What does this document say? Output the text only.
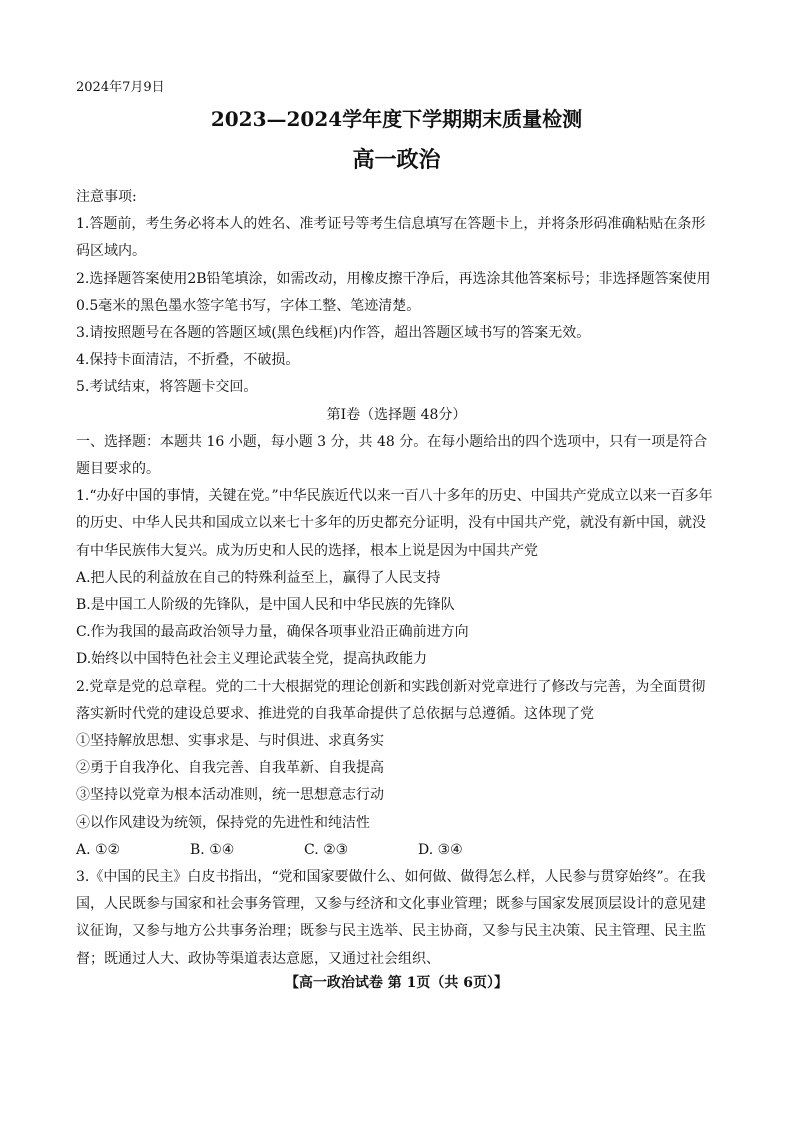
2024年7月9日
2023—2024学年度下学期期末质量检测
高一政治

注意事项:

1.答题前，考生务必将本人的姓名、准考证号等考生信息填写在答题卡上，并将条形码准确粘贴在条形码区域内。

2.选择题答案使用2B铅笔填涂，如需改动，用橡皮擦干净后，再选涂其他答案标号；非选择题答案使用0.5毫米的黑色墨水签字笔书写，字体工整、笔迹清楚。

3.请按照题号在各题的答题区域(黑色线框)内作答，超出答题区域书写的答案无效。

4.保持卡面清洁，不折叠，不破损。

5.考试结束，将答题卡交回。

第Ⅰ卷（选择题 48分）

一、选择题：本题共 16 小题，每小题 3 分，共 48 分。在每小题给出的四个选项中，只有一项是符合题目要求的。

1.“办好中国的事情，关键在党。”中华民族近代以来一百八十多年的历史、中国共产党成立以来一百多年的历史、中华人民共和国成立以来七十多年的历史都充分证明，没有中国共产党，就没有新中国，就没有中华民族伟大复兴。成为历史和人民的选择，根本上说是因为中国共产党

A.把人民的利益放在自己的特殊利益至上，赢得了人民支持

B.是中国工人阶级的先锋队，是中国人民和中华民族的先锋队

C.作为我国的最高政治领导力量，确保各项事业沿正确前进方向

D.始终以中国特色社会主义理论武装全党，提高执政能力

2.党章是党的总章程。党的二十大根据党的理论创新和实践创新对党章进行了修改与完善，为全面贯彻落实新时代党的建设总要求、推进党的自我革命提供了总依据与总遵循。这体现了党

①坚持解放思想、实事求是、与时俱进、求真务实

②勇于自我净化、自我完善、自我革新、自我提高

③坚持以党章为根本活动准则，统一思想意志行动

④以作风建设为统领，保持党的先进性和纯洁性

A. ①②	B. ①④	C. ②③	D. ③④

3.《中国的民主》白皮书指出，“党和国家要做什么、如何做、做得怎么样，人民参与贯穿始终”。在我国，人民既参与国家和社会事务管理，又参与经济和文化事业管理；既参与国家发展顶层设计的意见建议征询，又参与地方公共事务治理；既参与民主选举、民主协商，又参与民主决策、民主管理、民主监督；既通过人大、政协等渠道表达意愿，又通过社会组织、

【高一政治试卷 第 1页（共 6页）】
